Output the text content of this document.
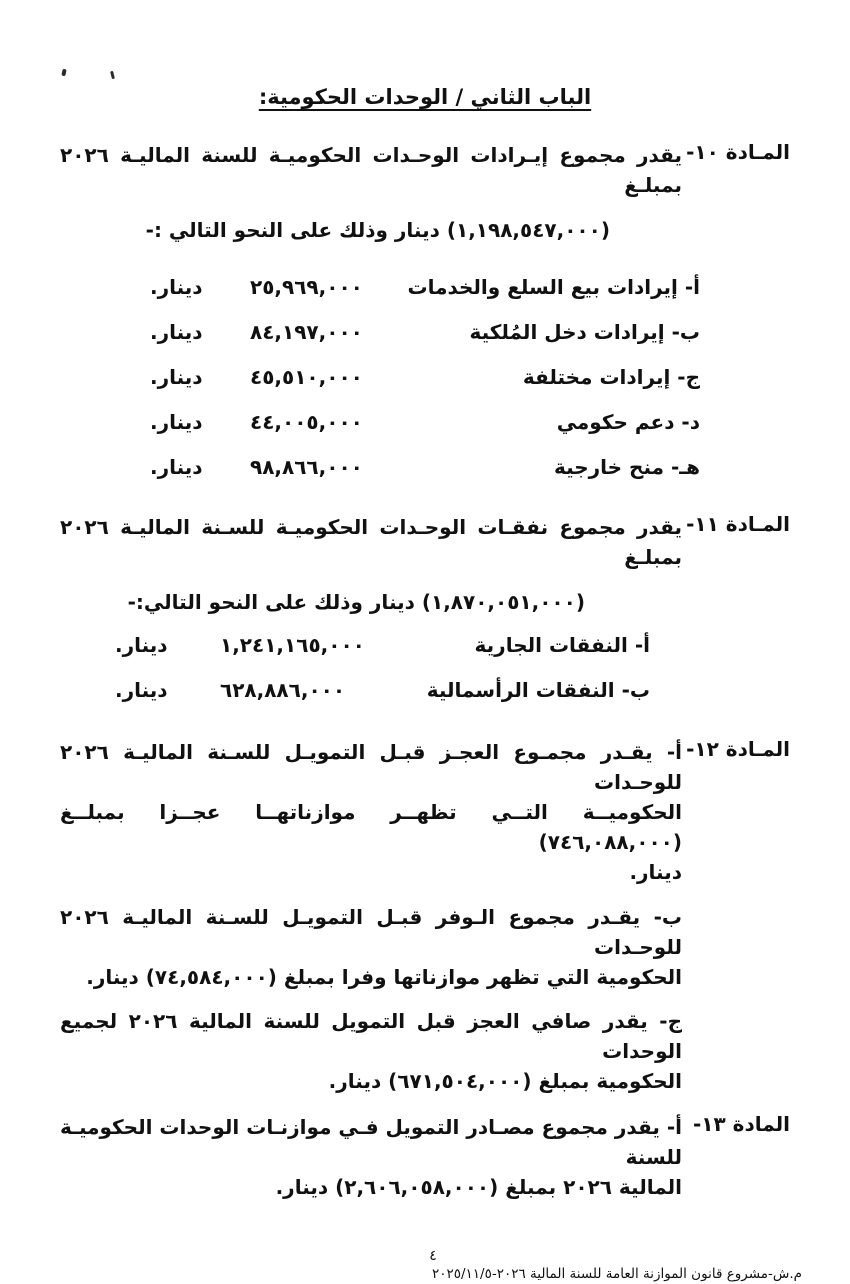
الباب الثاني / الوحدات الحكومية:
المـادة ١٠-
يقدر مجموع إيـرادات الوحـدات الحكوميـة للسنة الماليـة ٢٠٢٦ بمبلـغ
(١,١٩٨,٥٤٧,٠٠٠) دينار وذلك على النحو التالي :-
أ- إيرادات بيع السلع والخدمات
٢٥,٩٦٩,٠٠٠
دينار.
ب- إيرادات دخل المُلكية
٨٤,١٩٧,٠٠٠
دينار.
ج- إيرادات مختلفة
٤٥,٥١٠,٠٠٠
دينار.
د- دعم حكومي
٤٤,٠٠٥,٠٠٠
دينار.
هـ- منح خارجية
٩٨,٨٦٦,٠٠٠
دينار.
المـادة ١١-
يقدر مجموع نفقـات الوحـدات الحكوميـة للسـنة الماليـة ٢٠٢٦ بمبلـغ
(١,٨٧٠,٠٥١,٠٠٠) دينار وذلك على النحو التالي:-
أ- النفقات الجارية
١,٢٤١,١٦٥,٠٠٠
دينار.
ب- النفقات الرأسمالية
٦٢٨,٨٨٦,٠٠٠
دينار.
المـادة ١٢-
أ- يقـدر مجمـوع العجـز قبـل التمويـل للسـنة الماليـة ٢٠٢٦ للوحـدات
الحكوميــة التــي تظهــر موازناتهــا عجــزا بمبلــغ (٧٤٦,٠٨٨,٠٠٠)
دينار.
ب- يقـدر مجموع الـوفر قبـل التمويـل للسـنة الماليـة ٢٠٢٦ للوحـدات
الحكومية التي تظهر موازناتها وفرا بمبلغ (٧٤,٥٨٤,٠٠٠) دينار.
ج- يقدر صافي العجز قبل التمويل للسنة المالية ٢٠٢٦ لجميع الوحدات
الحكومية بمبلغ (٦٧١,٥٠٤,٠٠٠) دينار.
المادة ١٣-
أ- يقدر مجموع مصـادر التمويل فـي موازنـات الوحدات الحكوميـة للسنة
المالية ٢٠٢٦ بمبلغ (٢,٦٠٦,٠٥٨,٠٠٠) دينار.
٤
م.ش-مشروع قانون الموازنة العامة للسنة المالية ٢٠٢٦-٢٠٢٥/١١/٥
